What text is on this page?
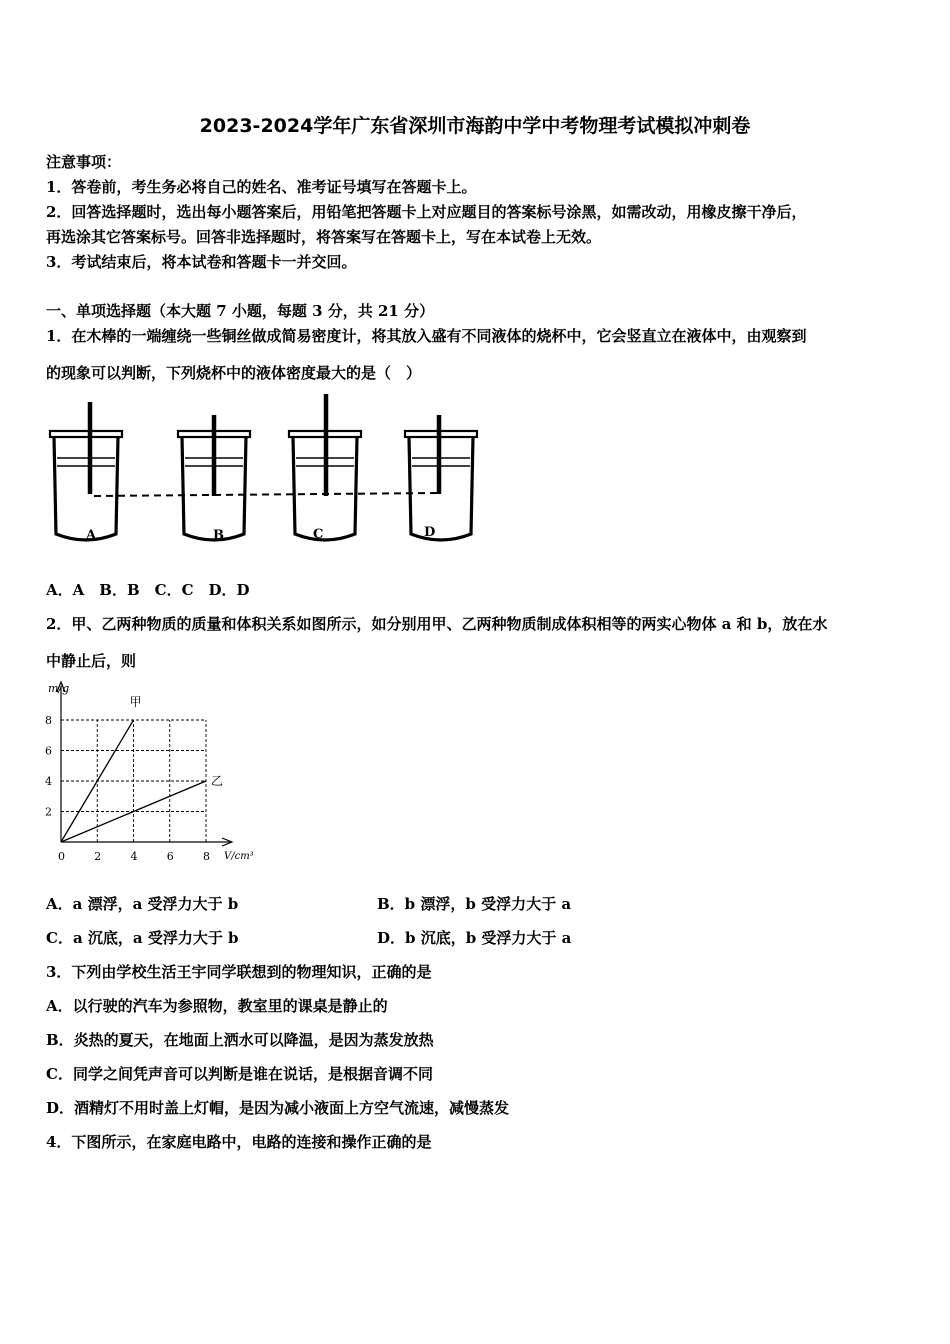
2023-2024学年广东省深圳市海韵中学中考物理考试模拟冲刺卷
注意事项：
1．答卷前，考生务必将自己的姓名、准考证号填写在答题卡上。
2．回答选择题时，选出每小题答案后，用铅笔把答题卡上对应题目的答案标号涂黑，如需改动，用橡皮擦干净后，
再选涂其它答案标号。回答非选择题时，将答案写在答题卡上，写在本试卷上无效。
3．考试结束后，将本试卷和答题卡一并交回。
一、单项选择题（本大题 7 小题，每题 3 分，共 21 分）
1．在木棒的一端缠绕一些铜丝做成简易密度计，将其放入盛有不同液体的烧杯中，它会竖直立在液体中，由观察到
的现象可以判断，下列烧杯中的液体密度最大的是（　）
A	B	C	D
A．A　B．B　C．C　D．D
2．甲、乙两种物质的质量和体积关系如图所示，如分别用甲、乙两种物质制成体积相等的两实心物体 a 和 b，放在水
中静止后，则
甲
乙
0	2	4	6	8
2
4
6
8
m/g
V/cm³
A．a 漂浮，a 受浮力大于 b	B．b 漂浮，b 受浮力大于 a
C．a 沉底，a 受浮力大于 b	D．b 沉底，b 受浮力大于 a
3．下列由学校生活王宇同学联想到的物理知识，正确的是
A．以行驶的汽车为参照物，教室里的课桌是静止的
B．炎热的夏天，在地面上洒水可以降温，是因为蒸发放热
C．同学之间凭声音可以判断是谁在说话，是根据音调不同
D．酒精灯不用时盖上灯帽，是因为减小液面上方空气流速，减慢蒸发
4．下图所示，在家庭电路中，电路的连接和操作正确的是
